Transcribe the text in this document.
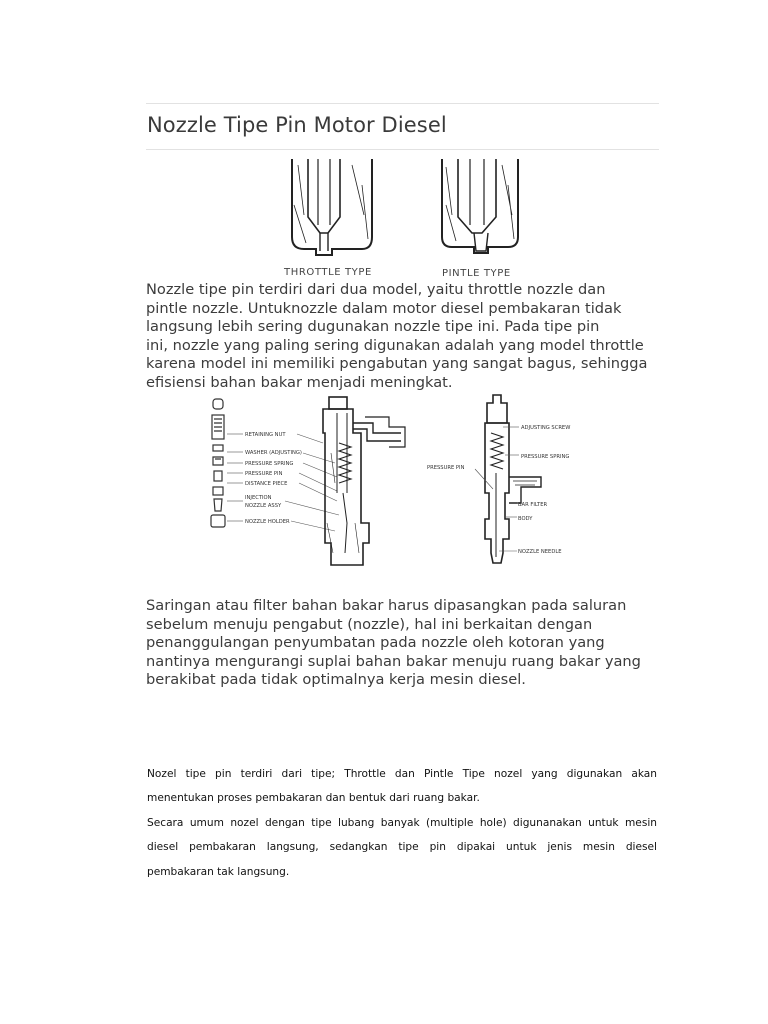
Nozzle Tipe Pin Motor Diesel
THROTTLE TYPE	PINTLE TYPE

Nozzle tipe pin terdiri dari dua model, yaitu throttle nozzle dan
pintle nozzle. Untuknozzle dalam motor diesel pembakaran tidak
langsung lebih sering dugunakan nozzle tipe ini. Pada tipe pin
ini, nozzle yang paling sering digunakan adalah yang model throttle
karena model ini memiliki pengabutan yang sangat bagus, sehingga
efisiensi bahan bakar menjadi meningkat.

RETAINING NUT
WASHER (ADJUSTING)
PRESSURE SPRING
PRESSURE PIN
DISTANCE PIECE
INJECTION
NOZZLE ASSY
NOZZLE HOLDER
ADJUSTING SCREW
PRESSURE SPRING
PRESSURE PIN
BAR FILTER
BODY
NOZZLE NEEDLE

Saringan atau filter bahan bakar harus dipasangkan pada saluran
sebelum menuju pengabut (nozzle), hal ini berkaitan dengan
penanggulangan penyumbatan pada nozzle oleh kotoran yang
nantinya mengurangi suplai bahan bakar menuju ruang bakar yang
berakibat pada tidak optimalnya kerja mesin diesel.

Nozel tipe pin terdiri dari tipe; Throttle dan Pintle Tipe nozel yang digunakan akan
menentukan proses pembakaran dan bentuk dari ruang bakar.
Secara umum nozel dengan tipe lubang banyak (multiple hole) digunanakan untuk mesin
diesel pembakaran langsung, sedangkan tipe pin dipakai untuk jenis mesin diesel
pembakaran tak langsung.
